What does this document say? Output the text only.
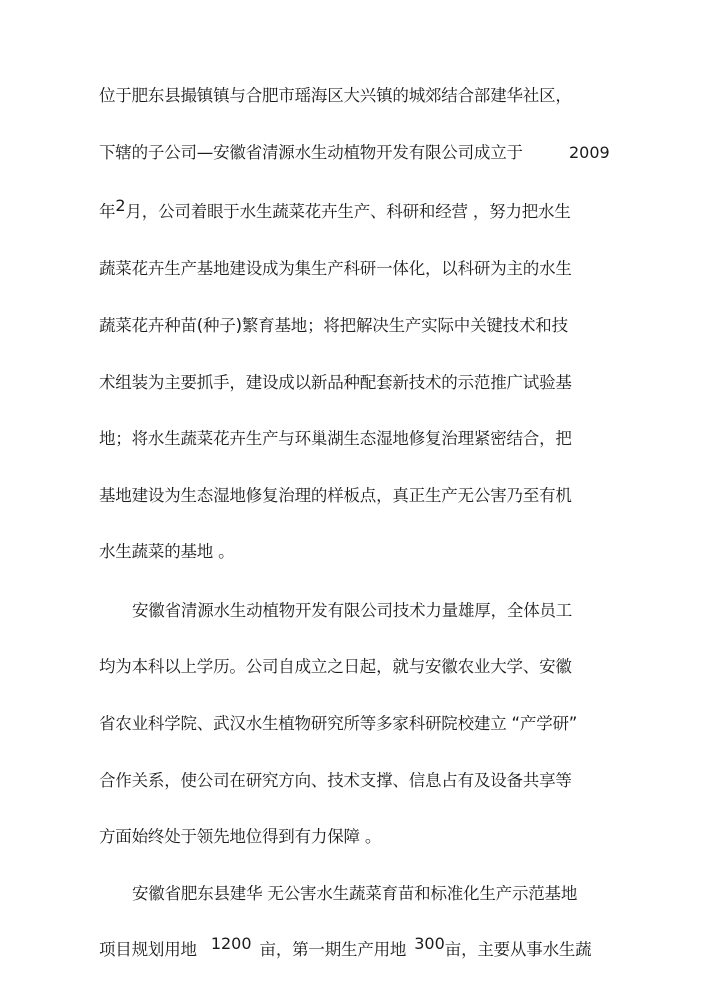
位于肥东县撮镇镇与合肥市瑶海区大兴镇的城郊结合部建华社区，
下辖的子公司—安徽省清源水生动植物开发有限公司成立于	2009
年2月，公司着眼于水生蔬菜花卉生产、科研和经营 ，努力把水生
蔬菜花卉生产基地建设成为集生产科研一体化，以科研为主的水生
蔬菜花卉种苗(种子)繁育基地；将把解决生产实际中关键技术和技
术组装为主要抓手，建设成以新品种配套新技术的示范推广试验基
地；将水生蔬菜花卉生产与环巢湖生态湿地修复治理紧密结合，把
基地建设为生态湿地修复治理的样板点，真正生产无公害乃至有机
水生蔬菜的基地 。
安徽省清源水生动植物开发有限公司技术力量雄厚，全体员工
均为本科以上学历。公司自成立之日起，就与安徽农业大学、安徽
省农业科学院、武汉水生植物研究所等多家科研院校建立 “产学研”
合作关系，使公司在研究方向、技术支撑、信息占有及设备共享等
方面始终处于领先地位得到有力保障 。
安徽省肥东县建华 无公害水生蔬菜育苗和标准化生产示范基地
项目规划用地 1200 亩，第一期生产用地 300亩，主要从事水生蔬
